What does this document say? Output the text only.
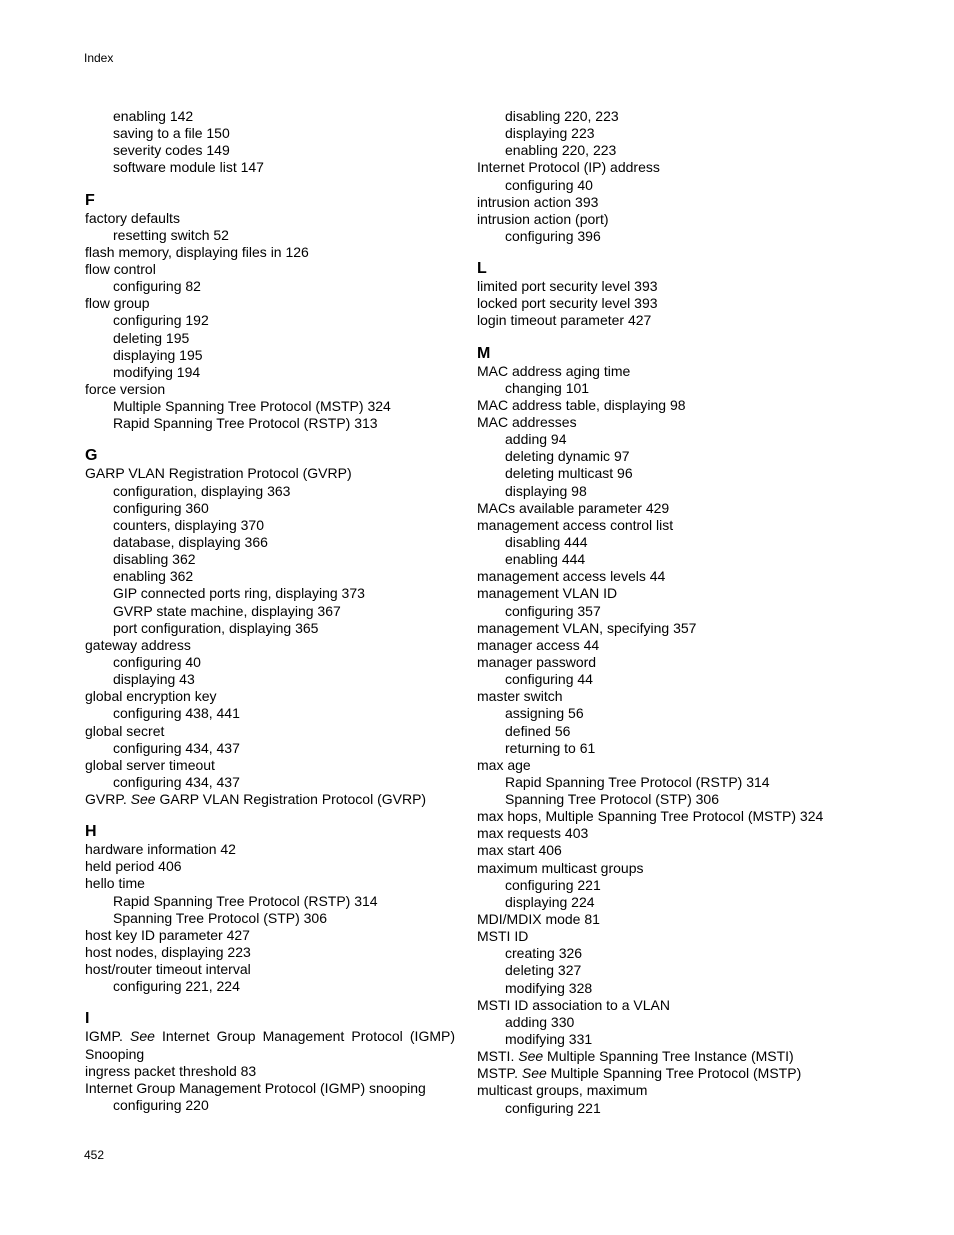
Index
enabling 142
saving to a file 150
severity codes 149
software module list 147
F
factory defaults
resetting switch 52
flash memory, displaying files in 126
flow control
configuring 82
flow group
configuring 192
deleting 195
displaying 195
modifying 194
force version
Multiple Spanning Tree Protocol (MSTP) 324
Rapid Spanning Tree Protocol (RSTP) 313
G
GARP VLAN Registration Protocol (GVRP)
configuration, displaying 363
configuring 360
counters, displaying 370
database, displaying 366
disabling 362
enabling 362
GIP connected ports ring, displaying 373
GVRP state machine, displaying 367
port configuration, displaying 365
gateway address
configuring 40
displaying 43
global encryption key
configuring 438, 441
global secret
configuring 434, 437
global server timeout
configuring 434, 437
GVRP. See GARP VLAN Registration Protocol (GVRP)
H
hardware information 42
held period 406
hello time
Rapid Spanning Tree Protocol (RSTP) 314
Spanning Tree Protocol (STP) 306
host key ID parameter 427
host nodes, displaying 223
host/router timeout interval
configuring 221, 224
I
IGMP. See Internet Group Management Protocol (IGMP)
Snooping
ingress packet threshold 83
Internet Group Management Protocol (IGMP) snooping
configuring 220
disabling 220, 223
displaying 223
enabling 220, 223
Internet Protocol (IP) address
configuring 40
intrusion action 393
intrusion action (port)
configuring 396
L
limited port security level 393
locked port security level 393
login timeout parameter 427
M
MAC address aging time
changing 101
MAC address table, displaying 98
MAC addresses
adding 94
deleting dynamic 97
deleting multicast 96
displaying 98
MACs available parameter 429
management access control list
disabling 444
enabling 444
management access levels 44
management VLAN ID
configuring 357
management VLAN, specifying 357
manager access 44
manager password
configuring 44
master switch
assigning 56
defined 56
returning to 61
max age
Rapid Spanning Tree Protocol (RSTP) 314
Spanning Tree Protocol (STP) 306
max hops, Multiple Spanning Tree Protocol (MSTP) 324
max requests 403
max start 406
maximum multicast groups
configuring 221
displaying 224
MDI/MDIX mode 81
MSTI ID
creating 326
deleting 327
modifying 328
MSTI ID association to a VLAN
adding 330
modifying 331
MSTI. See Multiple Spanning Tree Instance (MSTI)
MSTP. See Multiple Spanning Tree Protocol (MSTP)
multicast groups, maximum
configuring 221
452
